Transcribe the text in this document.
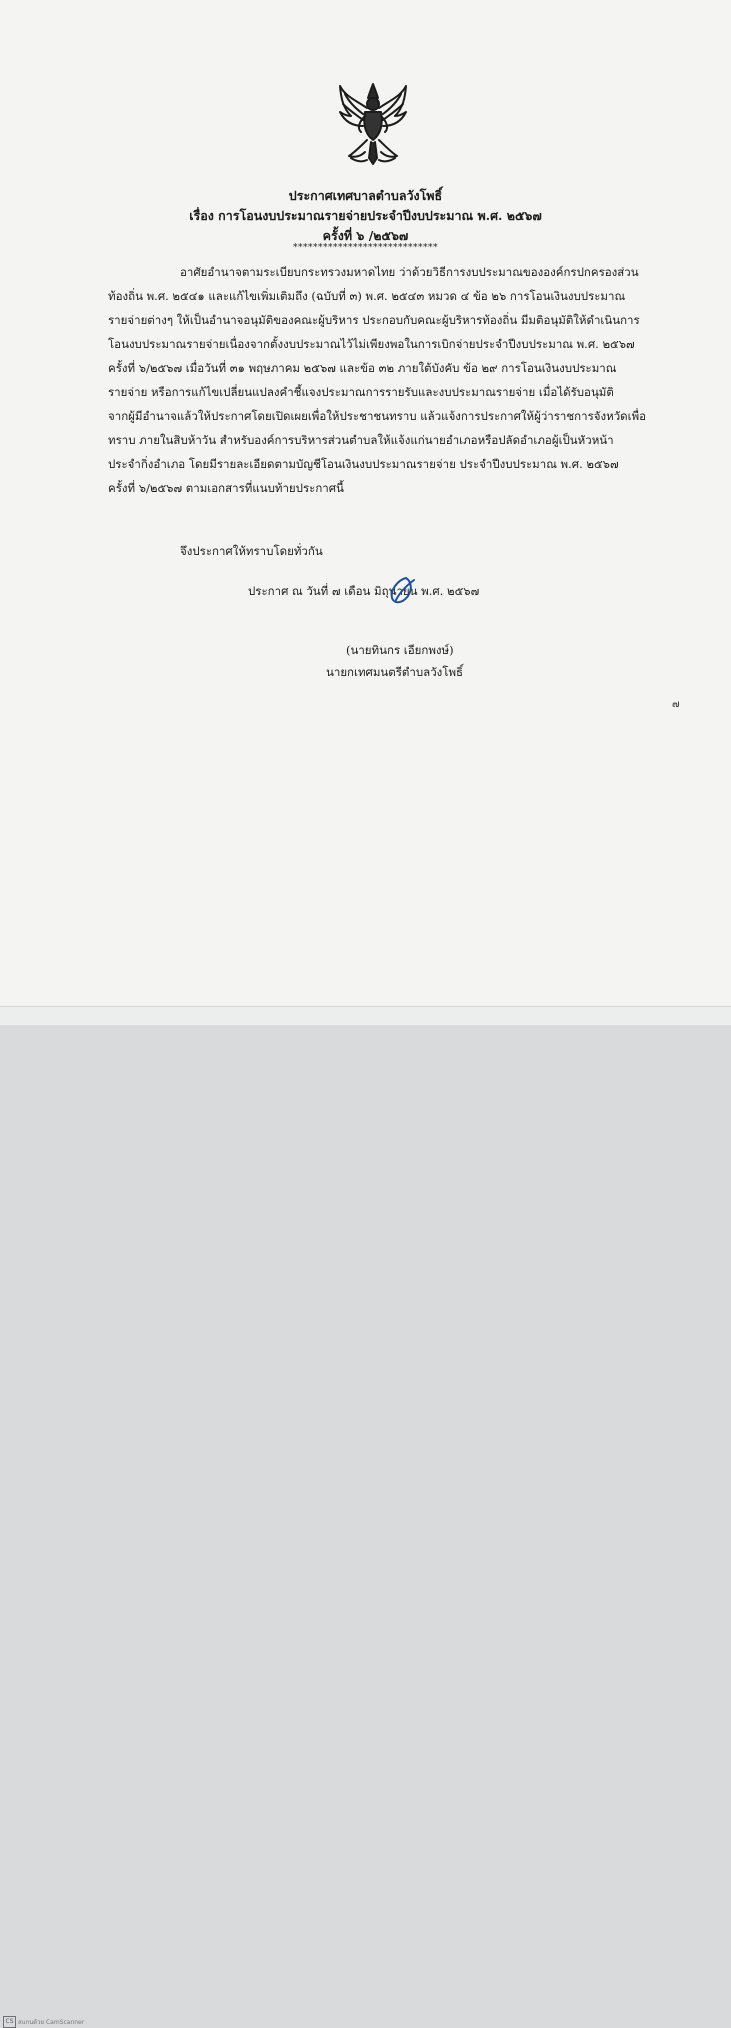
ประกาศเทศบาลตำบลวังโพธิ์
เรื่อง การโอนงบประมาณรายจ่ายประจำปีงบประมาณ พ.ศ. ๒๕๖๗
ครั้งที่ ๖ /๒๕๖๗
*****************************
อาศัยอำนาจตามระเบียบกระทรวงมหาดไทย ว่าด้วยวิธีการงบประมาณขององค์กรปกครองส่วน
ท้องถิ่น พ.ศ. ๒๕๔๑ และแก้ไขเพิ่มเติมถึง (ฉบับที่ ๓) พ.ศ. ๒๕๔๓ หมวด ๔ ข้อ ๒๖ การโอนเงินงบประมาณ
รายจ่ายต่างๆ ให้เป็นอำนาจอนุมัติของคณะผู้บริหาร ประกอบกับคณะผู้บริหารท้องถิ่น มีมติอนุมัติให้ดำเนินการ
โอนงบประมาณรายจ่ายเนื่องจากตั้งงบประมาณไว้ไม่เพียงพอในการเบิกจ่ายประจำปีงบประมาณ พ.ศ. ๒๕๖๗
ครั้งที่ ๖/๒๕๖๗ เมื่อวันที่ ๓๑ พฤษภาคม ๒๕๖๗ และข้อ ๓๒ ภายใต้บังคับ ข้อ ๒๙ การโอนเงินงบประมาณ
รายจ่าย หรือการแก้ไขเปลี่ยนแปลงคำชี้แจงประมาณการรายรับและงบประมาณรายจ่าย เมื่อได้รับอนุมัติ
จากผู้มีอำนาจแล้วให้ประกาศโดยเปิดเผยเพื่อให้ประชาชนทราบ แล้วแจ้งการประกาศให้ผู้ว่าราชการจังหวัดเพื่อ
ทราบ ภายในสิบห้าวัน สำหรับองค์การบริหารส่วนตำบลให้แจ้งแก่นายอำเภอหรือปลัดอำเภอผู้เป็นหัวหน้า
ประจำกิ่งอำเภอ โดยมีรายละเอียดตามบัญชีโอนเงินงบประมาณรายจ่าย ประจำปีงบประมาณ พ.ศ. ๒๕๖๗
ครั้งที่ ๖/๒๕๖๗ ตามเอกสารที่แนบท้ายประกาศนี้
จึงประกาศให้ทราบโดยทั่วกัน
ประกาศ ณ วันที่ ๗ เดือน มิถุนายน พ.ศ. ๒๕๖๗
(นายทินกร เอียกพงษ์)
นายกเทศมนตรีตำบลวังโพธิ์
๗
CS สแกนด้วย CamScanner
